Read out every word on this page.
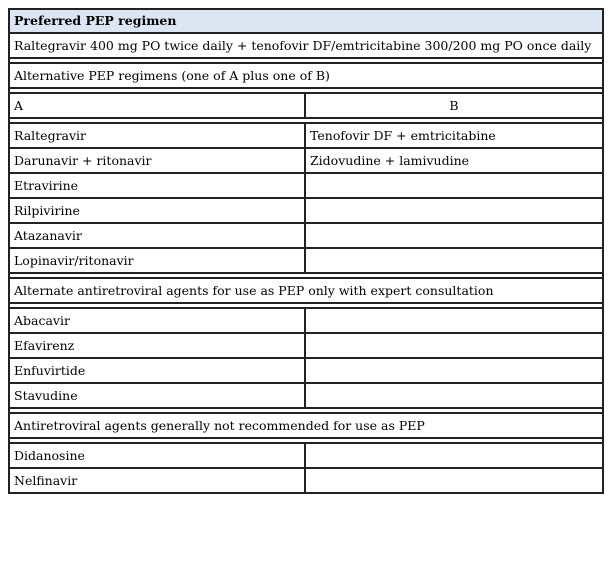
Preferred PEP regimen	
Raltegravir 400 mg PO twice daily + tenofovir DF/emtricitabine 300/200 mg PO once daily	

Alternative PEP regimens (one of A plus one of B)	

A	B

Raltegravir	Tenofovir DF + emtricitabine
Darunavir + ritonavir	Zidovudine + lamivudine
Etravirine	
Rilpivirine	
Atazanavir	
Lopinavir/ritonavir	

Alternate antiretroviral agents for use as PEP only with expert consultation	

Abacavir	
Efavirenz	
Enfuvirtide	
Stavudine	

Antiretroviral agents generally not recommended for use as PEP	

Didanosine	
Nelfinavir	
